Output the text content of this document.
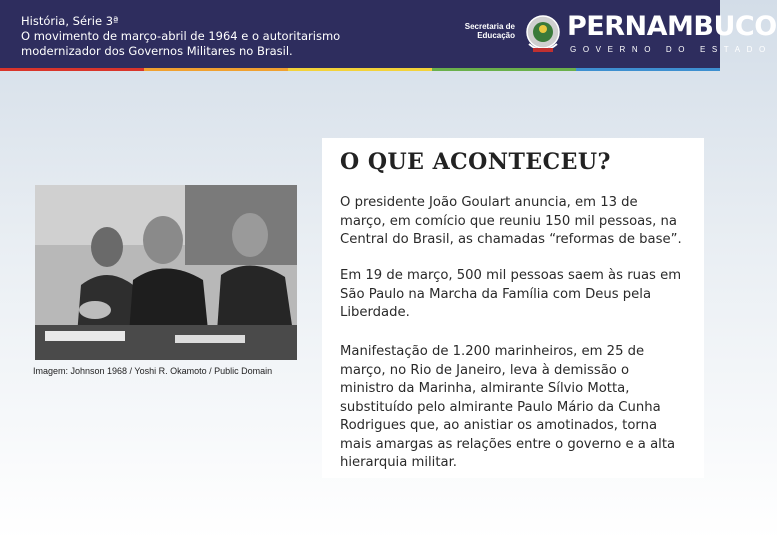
História, Série 3ª
O movimento de março-abril de 1964 e o autoritarismo
modernizador dos Governos Militares no Brasil.
Secretaria de
Educação PERNAMBUCO
GOVERNO DO ESTADO
Imagem: Johnson 1968 / Yoshi R. Okamoto / Public Domain
O QUE ACONTECEU?
O presidente João Goulart anuncia, em 13 de
março, em comício que reuniu 150 mil pessoas, na
Central do Brasil, as chamadas “reformas de base”.
Em 19 de março, 500 mil pessoas saem às ruas em
São Paulo na Marcha da Família com Deus pela
Liberdade.
Manifestação de 1.200 marinheiros, em 25 de
março, no Rio de Janeiro, leva à demissão o
ministro da Marinha, almirante Sílvio Motta,
substituído pelo almirante Paulo Mário da Cunha
Rodrigues que, ao anistiar os amotinados, torna
mais amargas as relações entre o governo e a alta
hierarquia militar.
